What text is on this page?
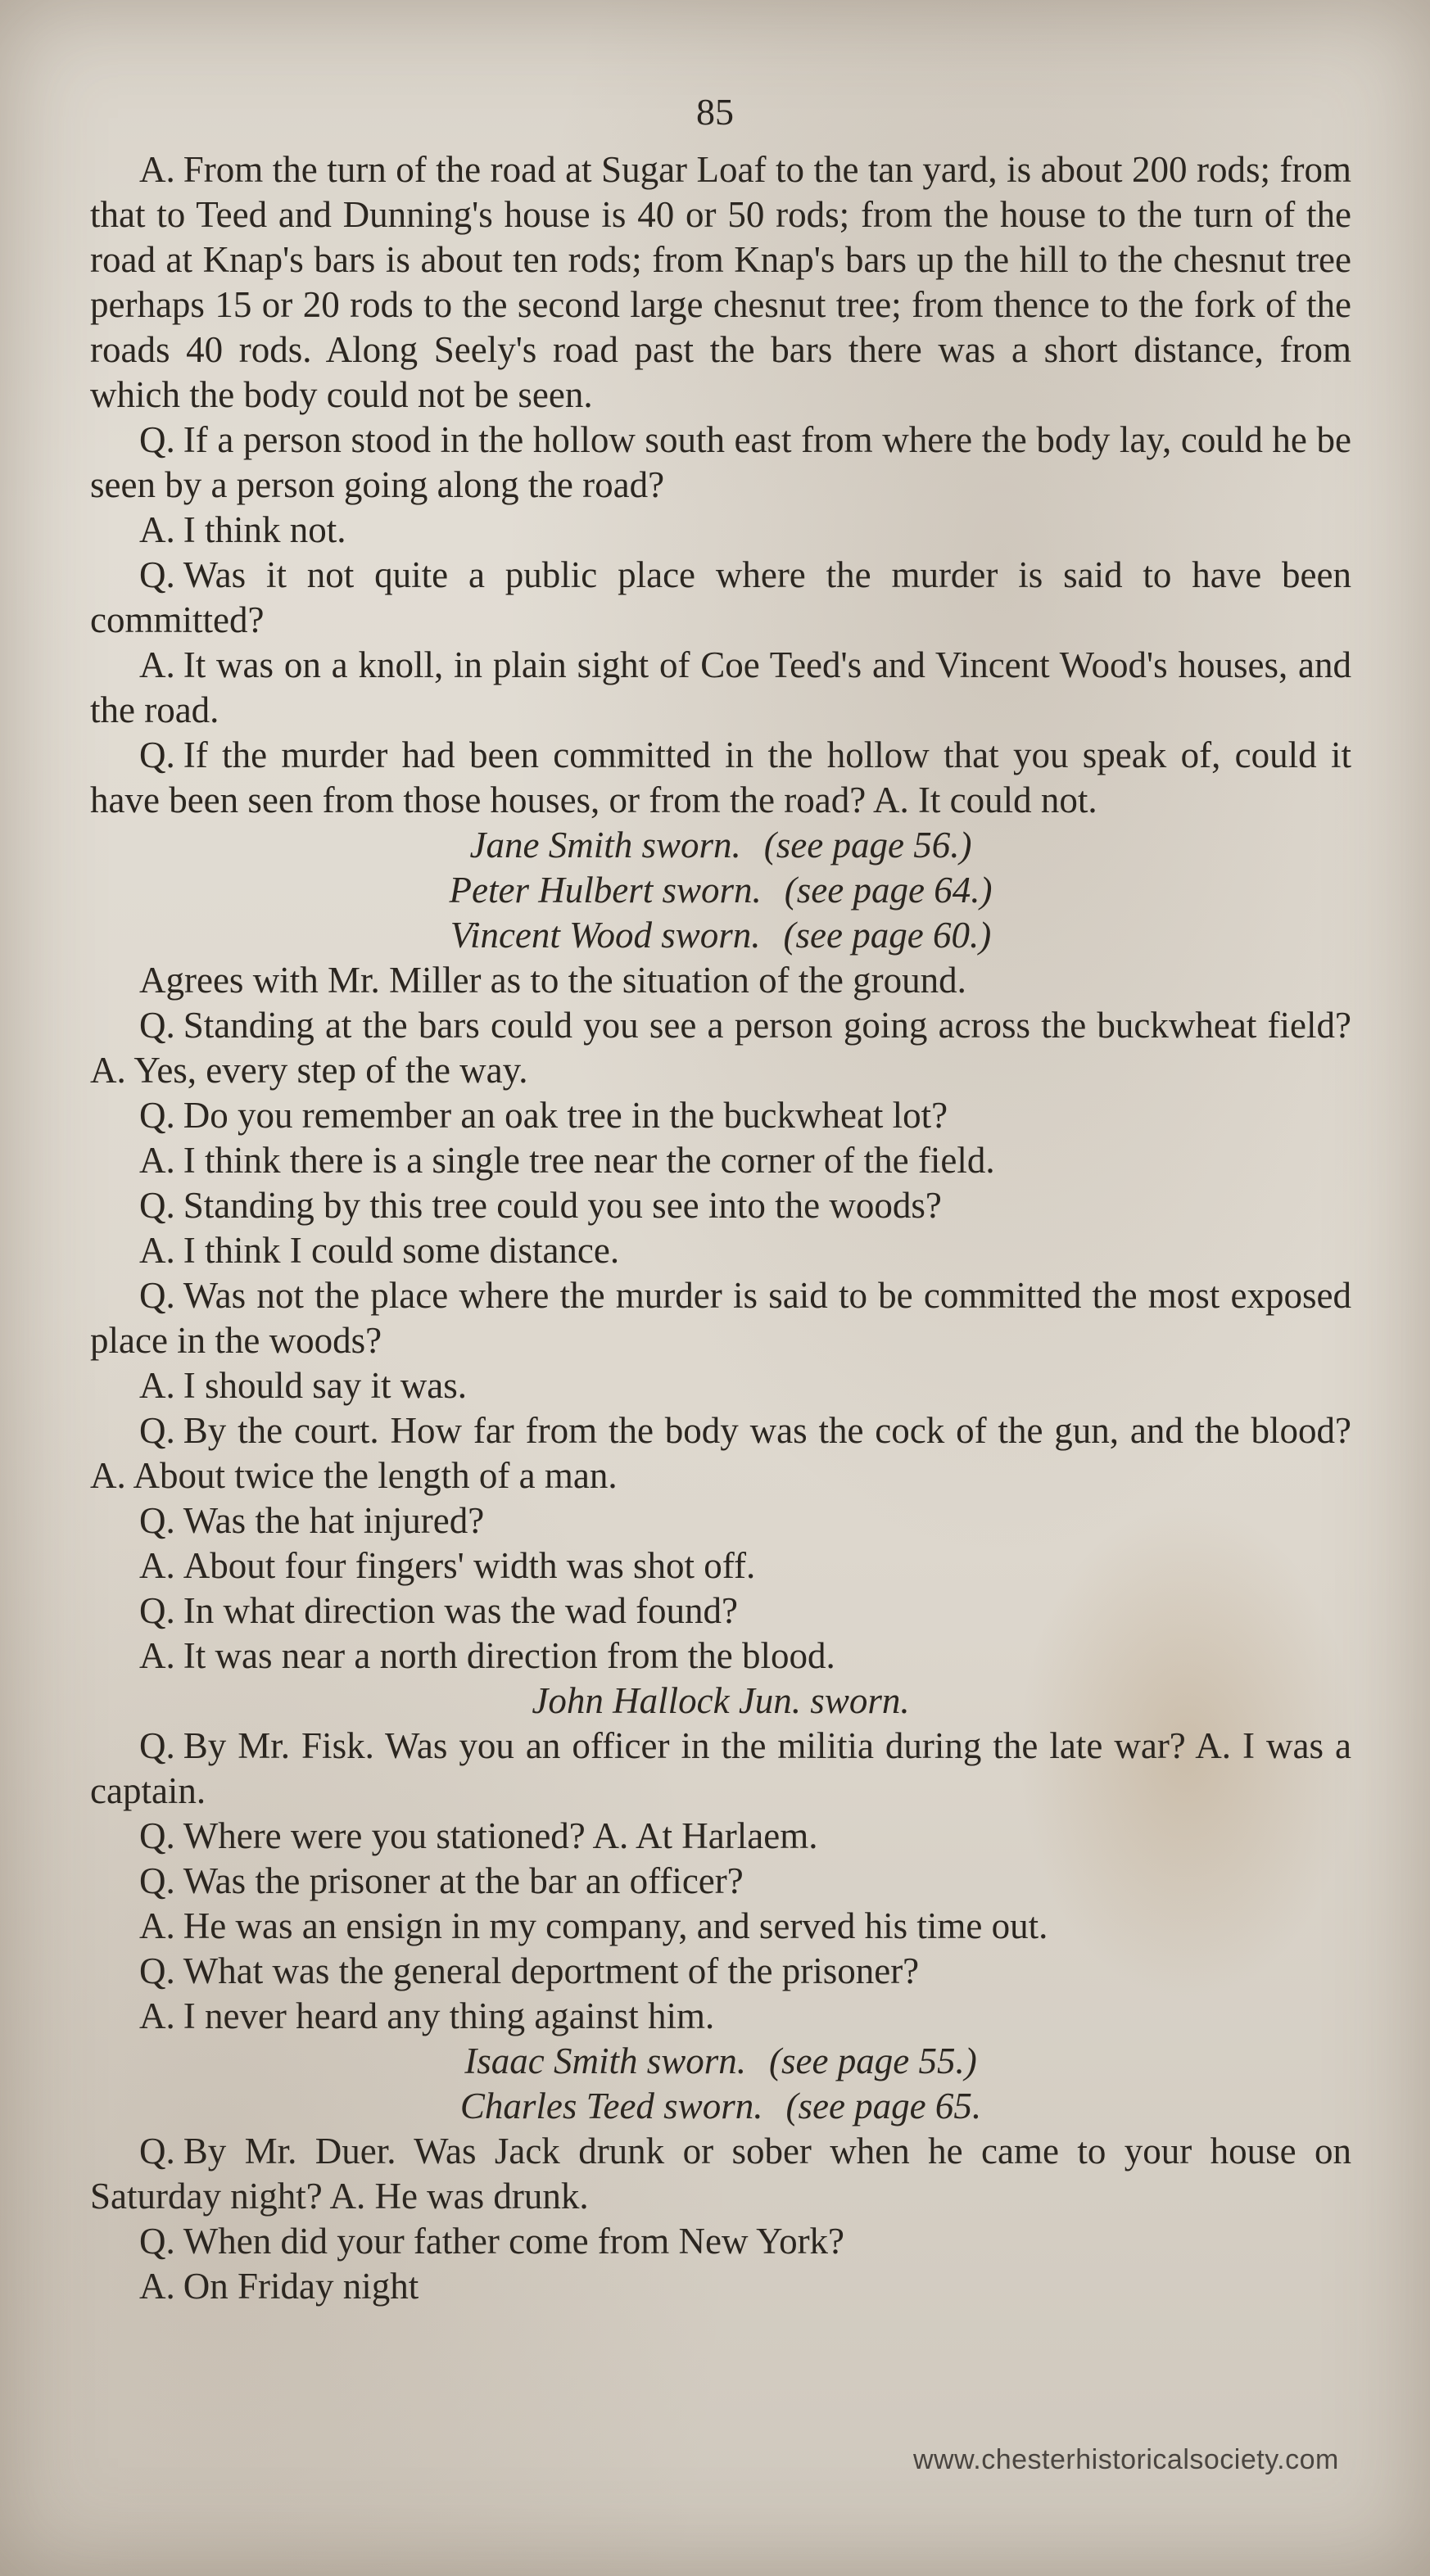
85

A. From the turn of the road at Sugar Loaf to the tan yard, is about 200 rods; from that to Teed and Dunning's house is 40 or 50 rods; from the house to the turn of the road at Knap's bars is about ten rods; from Knap's bars up the hill to the chesnut tree perhaps 15 or 20 rods to the second large chesnut tree; from thence to the fork of the roads 40 rods. Along Seely's road past the bars there was a short distance, from which the body could not be seen.

Q. If a person stood in the hollow south east from where the body lay, could he be seen by a person going along the road?

A. I think not.

Q. Was it not quite a public place where the murder is said to have been committed?

A. It was on a knoll, in plain sight of Coe Teed's and Vincent Wood's houses, and the road.

Q. If the murder had been committed in the hollow that you speak of, could it have been seen from those houses, or from the road? A. It could not.

Jane Smith sworn. (see page 56.)

Peter Hulbert sworn. (see page 64.)

Vincent Wood sworn. (see page 60.)

Agrees with Mr. Miller as to the situation of the ground.

Q. Standing at the bars could you see a person going across the buckwheat field? A. Yes, every step of the way.

Q. Do you remember an oak tree in the buckwheat lot?

A. I think there is a single tree near the corner of the field.

Q. Standing by this tree could you see into the woods?

A. I think I could some distance.

Q. Was not the place where the murder is said to be committed the most exposed place in the woods?

A. I should say it was.

Q. By the court. How far from the body was the cock of the gun, and the blood? A. About twice the length of a man.

Q. Was the hat injured?

A. About four fingers' width was shot off.

Q. In what direction was the wad found?

A. It was near a north direction from the blood.

John Hallock Jun. sworn.

Q. By Mr. Fisk. Was you an officer in the militia during the late war? A. I was a captain.

Q. Where were you stationed? A. At Harlaem.

Q. Was the prisoner at the bar an officer?

A. He was an ensign in my company, and served his time out.

Q. What was the general deportment of the prisoner?

A. I never heard any thing against him.

Isaac Smith sworn. (see page 55.)

Charles Teed sworn. (see page 65.

Q. By Mr. Duer. Was Jack drunk or sober when he came to your house on Saturday night? A. He was drunk.

Q. When did your father come from New York?

A. On Friday night

www.chesterhistoricalsociety.com
